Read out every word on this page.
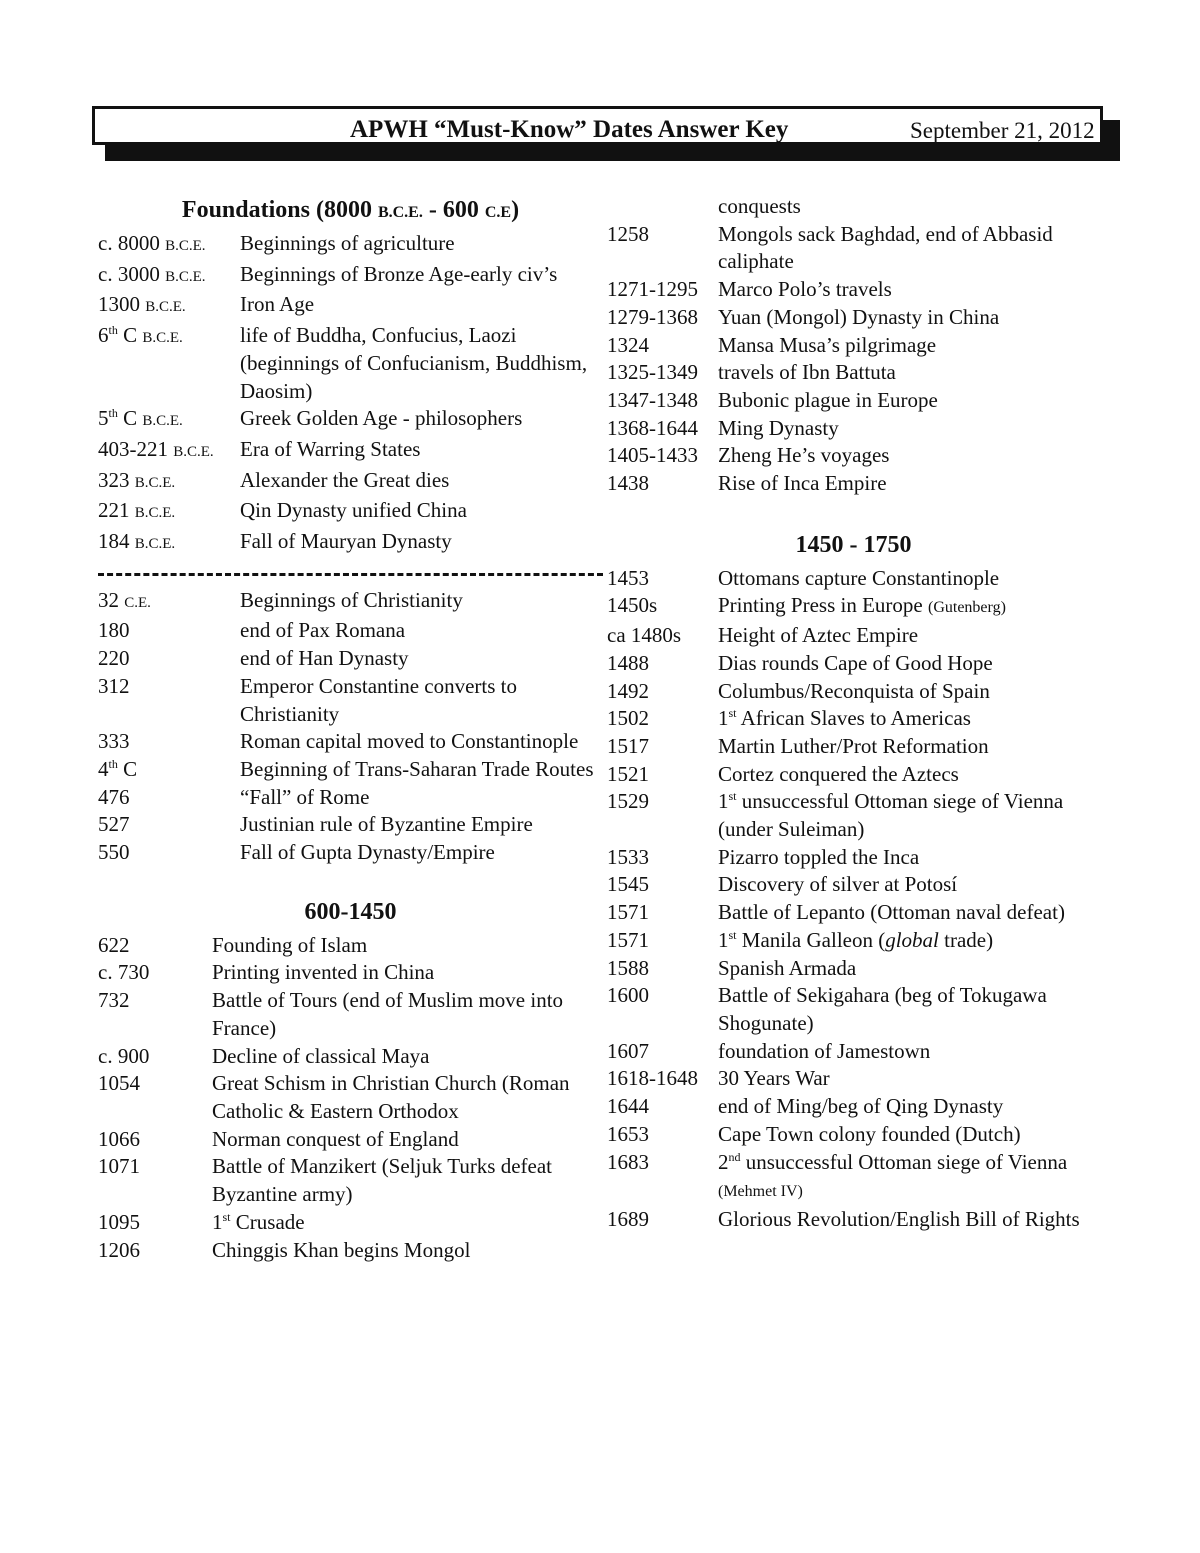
APWH “Must-Know” Dates Answer Key	September 21, 2012
Foundations (8000 B.C.E. - 600 C.E)
c. 8000 B.C.E.	Beginnings of agriculture
c. 3000 B.C.E.	Beginnings of Bronze Age-early civ’s
1300 B.C.E.	Iron Age
6th C B.C.E.	life of Buddha, Confucius, Laozi (beginnings of Confucianism, Buddhism, Daosim)
5th C B.C.E.	Greek Golden Age - philosophers
403-221 B.C.E.	Era of Warring States
323 B.C.E.	Alexander the Great dies
221 B.C.E.	Qin Dynasty unified China
184 B.C.E.	Fall of Mauryan Dynasty
32 C.E.	Beginnings of Christianity
180	end of Pax Romana
220	end of Han Dynasty
312	Emperor Constantine converts to Christianity
333	Roman capital moved to Constantinople
4th C	Beginning of Trans-Saharan Trade Routes
476	“Fall” of Rome
527	Justinian rule of Byzantine Empire
550	Fall of Gupta Dynasty/Empire
600-1450
622	Founding of Islam
c. 730	Printing invented in China
732	Battle of Tours (end of Muslim move into France)
c. 900	Decline of classical Maya
1054	Great Schism in Christian Church (Roman Catholic & Eastern Orthodox
1066	Norman conquest of England
1071	Battle of Manzikert (Seljuk Turks defeat Byzantine army)
1095	1st Crusade
1206	Chinggis Khan begins Mongol
conquests
1258	Mongols sack Baghdad, end of Abbasid caliphate
1271-1295 Marco Polo’s travels
1279-1368 Yuan (Mongol) Dynasty in China
1324	Mansa Musa’s pilgrimage
1325-1349 travels of Ibn Battuta
1347-1348 Bubonic plague in Europe
1368-1644 Ming Dynasty
1405-1433 Zheng He’s voyages
1438	Rise of Inca Empire
1450 - 1750
1453	Ottomans capture Constantinople
1450s	Printing Press in Europe (Gutenberg)
ca 1480s	Height of Aztec Empire
1488	Dias rounds Cape of Good Hope
1492	Columbus/Reconquista of Spain
1502	1st African Slaves to Americas
1517	Martin Luther/Prot Reformation
1521	Cortez conquered the Aztecs
1529	1st unsuccessful Ottoman siege of Vienna (under Suleiman)
1533	Pizarro toppled the Inca
1545	Discovery of silver at Potosí
1571	Battle of Lepanto (Ottoman naval defeat)
1571	1st Manila Galleon (global trade)
1588	Spanish Armada
1600	Battle of Sekigahara (beg of Tokugawa Shogunate)
1607	foundation of Jamestown
1618-1648 30 Years War
1644	end of Ming/beg of Qing Dynasty
1653	Cape Town colony founded (Dutch)
1683	2nd unsuccessful Ottoman siege of Vienna (Mehmet IV)
1689	Glorious Revolution/English Bill of Rights
